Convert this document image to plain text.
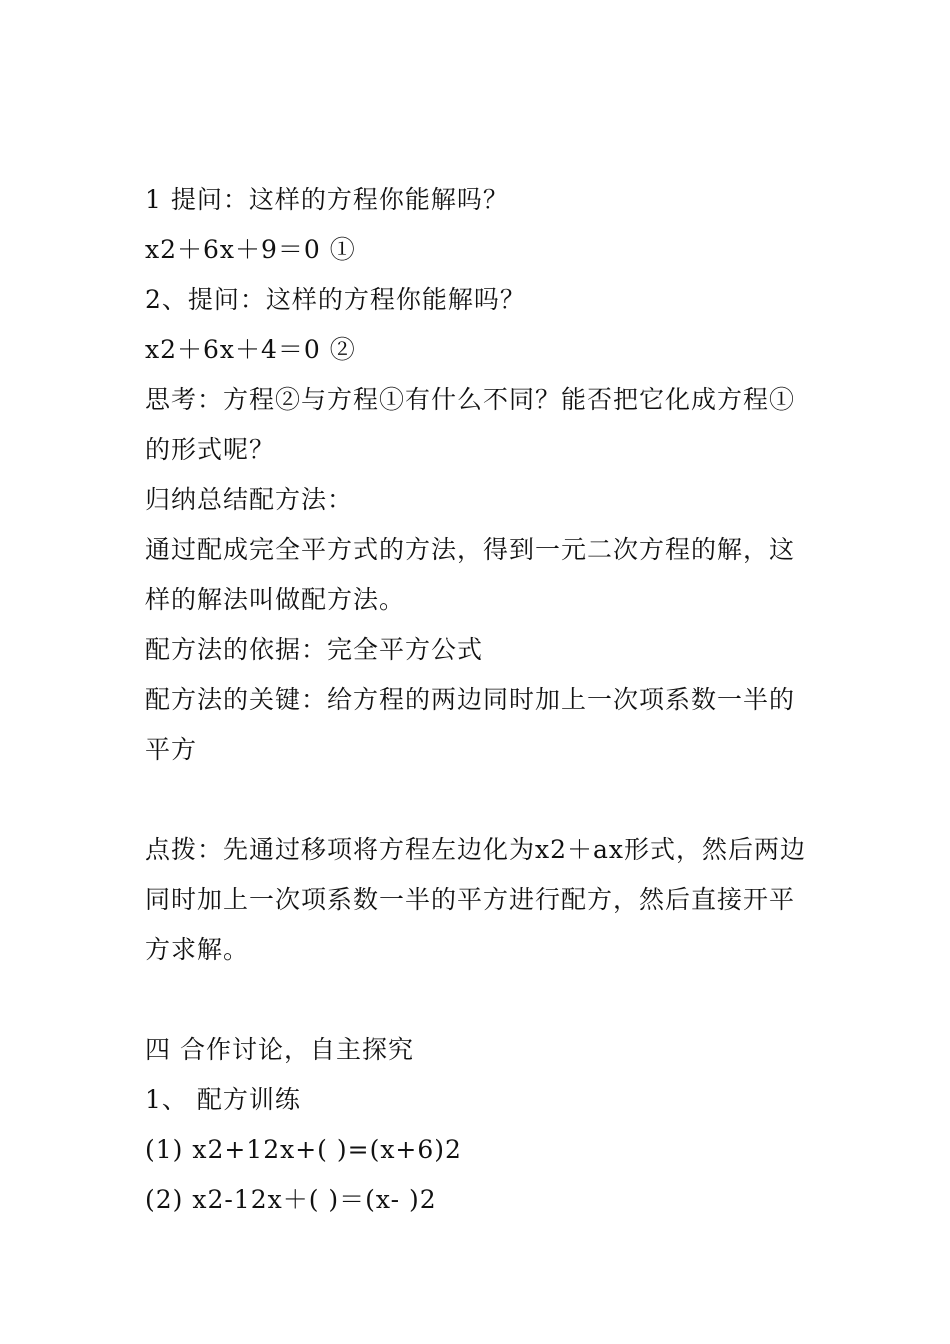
1 提问：这样的方程你能解吗？
x2＋6x＋9＝0 ①
2、提问：这样的方程你能解吗？
x2＋6x＋4＝0 ②
思考：方程②与方程①有什么不同？能否把它化成方程①
的形式呢？
归纳总结配方法：
通过配成完全平方式的方法，得到一元二次方程的解，这
样的解法叫做配方法。
配方法的依据：完全平方公式
配方法的关键：给方程的两边同时加上一次项系数一半的
平方
点拨：先通过移项将方程左边化为x2＋ax形式，然后两边
同时加上一次项系数一半的平方进行配方，然后直接开平
方求解。
四 合作讨论，自主探究
1、 配方训练
(1) x2+12x+( )=(x+6)2
(2) x2-12x＋( )＝(x- )2
